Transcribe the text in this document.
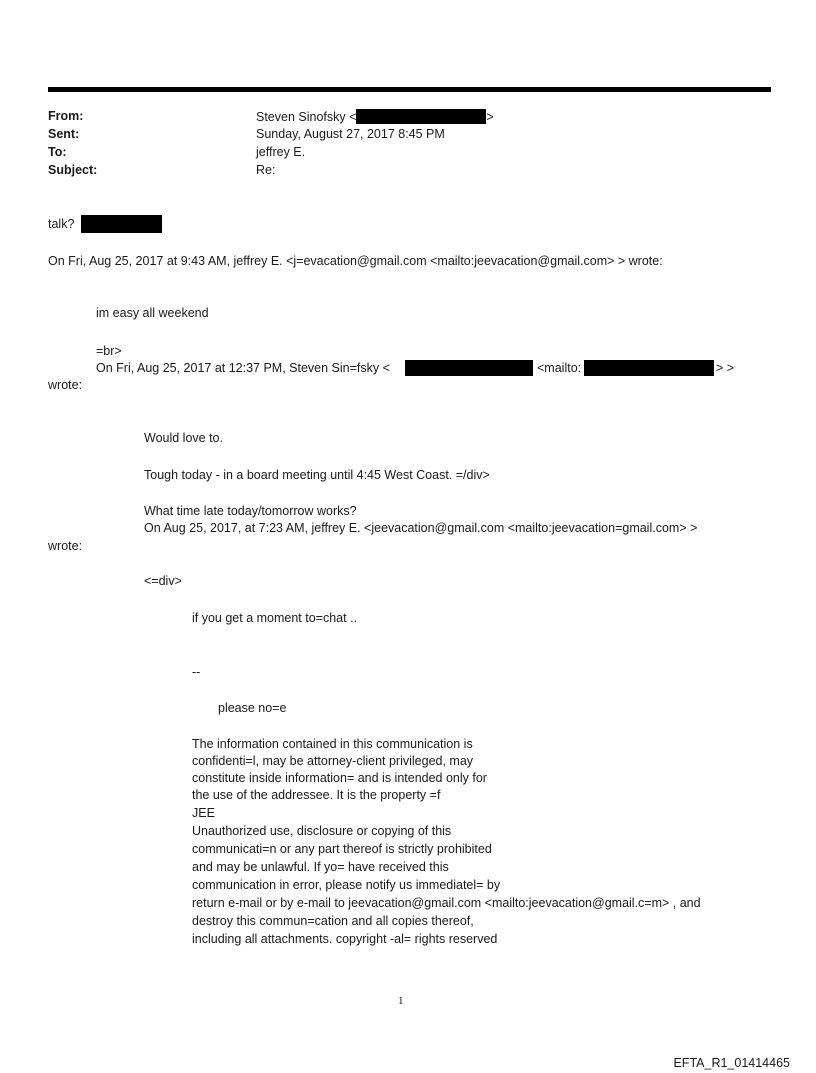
From:	Steven Sinofsky <	>
Sent:	Sunday, August 27, 2017 8:45 PM
To:	jeffrey E.
Subject:	Re:
talk?
On Fri, Aug 25, 2017 at 9:43 AM, jeffrey E. <j=evacation@gmail.com <mailto:jeevacation@gmail.com> > wrote:
im easy all weekend
=br>
On Fri, Aug 25, 2017 at 12:37 PM, Steven Sin=fsky <	<mailto:	> >
wrote:
Would love to.
Tough today - in a board meeting until 4:45 West Coast. =/div>
What time late today/tomorrow works?
On Aug 25, 2017, at 7:23 AM, jeffrey E. <jeevacation@gmail.com <mailto:jeevacation=gmail.com> >
wrote:
<=div>
if you get a moment to=chat ..
--
please no=e
The information contained in this communication is
confidenti=l, may be attorney-client privileged, may
constitute inside information= and is intended only for
the use of the addressee. It is the property =f
JEE
Unauthorized use, disclosure or copying of this
communicati=n or any part thereof is strictly prohibited
and may be unlawful. If yo= have received this
communication in error, please notify us immediatel= by
return e-mail or by e-mail to jeevacation@gmail.com <mailto:jeevacation@gmail.c=m> , and
destroy this commun=cation and all copies thereof,
including all attachments. copyright -al= rights reserved
1
EFTA_R1_01414465
